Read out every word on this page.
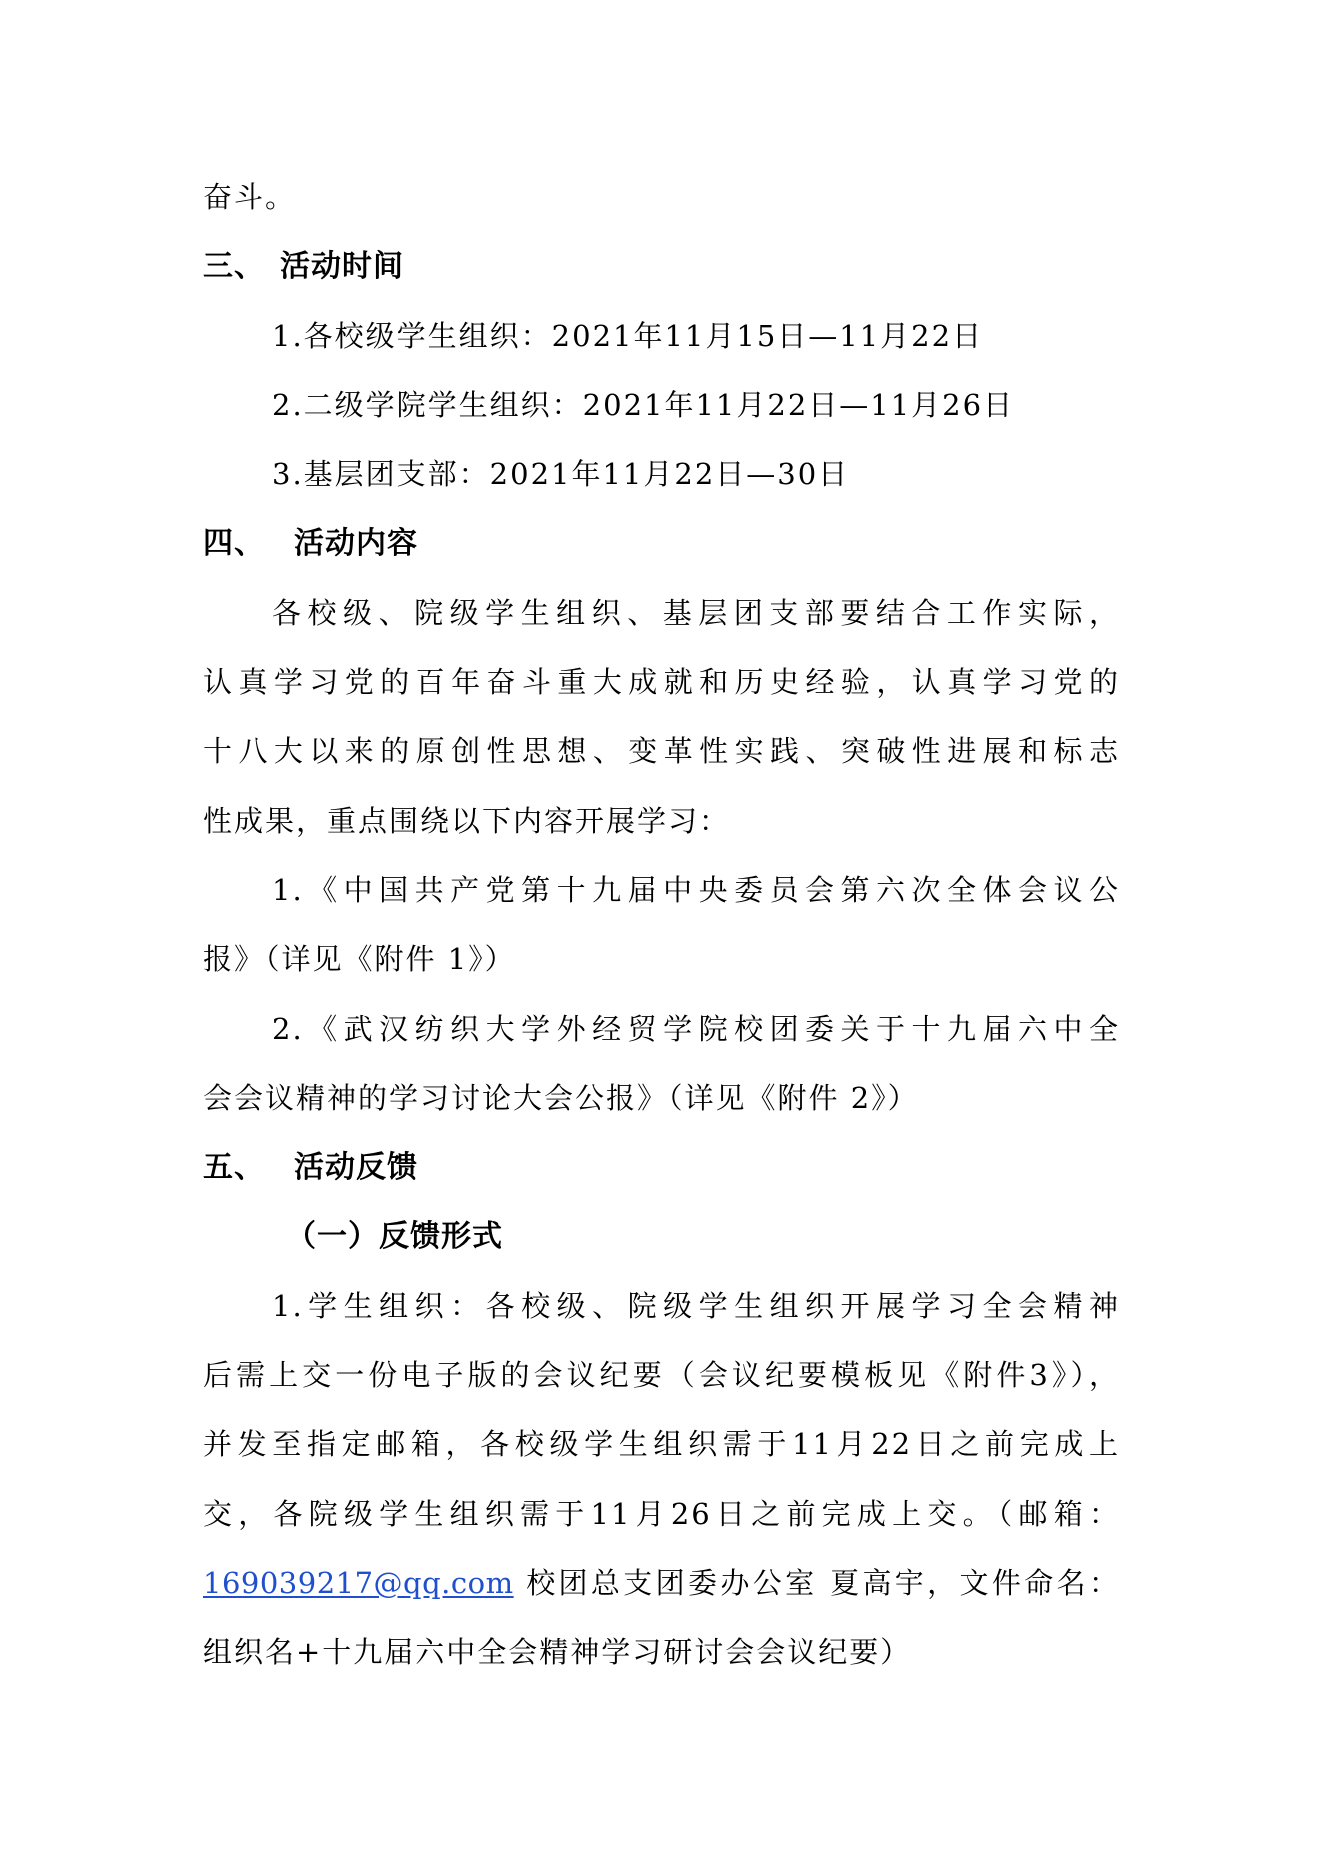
奋斗。
三、 活动时间
1.各校级学生组织：2021年11月15日—11月22日
2.二级学院学生组织：2021年11月22日—11月26日
3.基层团支部：2021年11月22日—30日
四、 活动内容
各校级、院级学生组织、基层团支部要结合工作实际，
认真学习党的百年奋斗重大成就和历史经验，认真学习党的
十八大以来的原创性思想、变革性实践、突破性进展和标志
性成果，重点围绕以下内容开展学习：
1.《中国共产党第十九届中央委员会第六次全体会议公
报》（详见《附件 1》）
2.《武汉纺织大学外经贸学院校团委关于十九届六中全
会会议精神的学习讨论大会公报》（详见《附件 2》）
五、 活动反馈
（一）反馈形式
1.学生组织：各校级、院级学生组织开展学习全会精神
后需上交一份电子版的会议纪要（会议纪要模板见《附件3》），
并发至指定邮箱，各校级学生组织需于11月22日之前完成上
交，各院级学生组织需于11月26日之前完成上交。（邮箱：
169039217@qq.com 校团总支团委办公室 夏高宇，文件命名：
组织名+十九届六中全会精神学习研讨会会议纪要）
